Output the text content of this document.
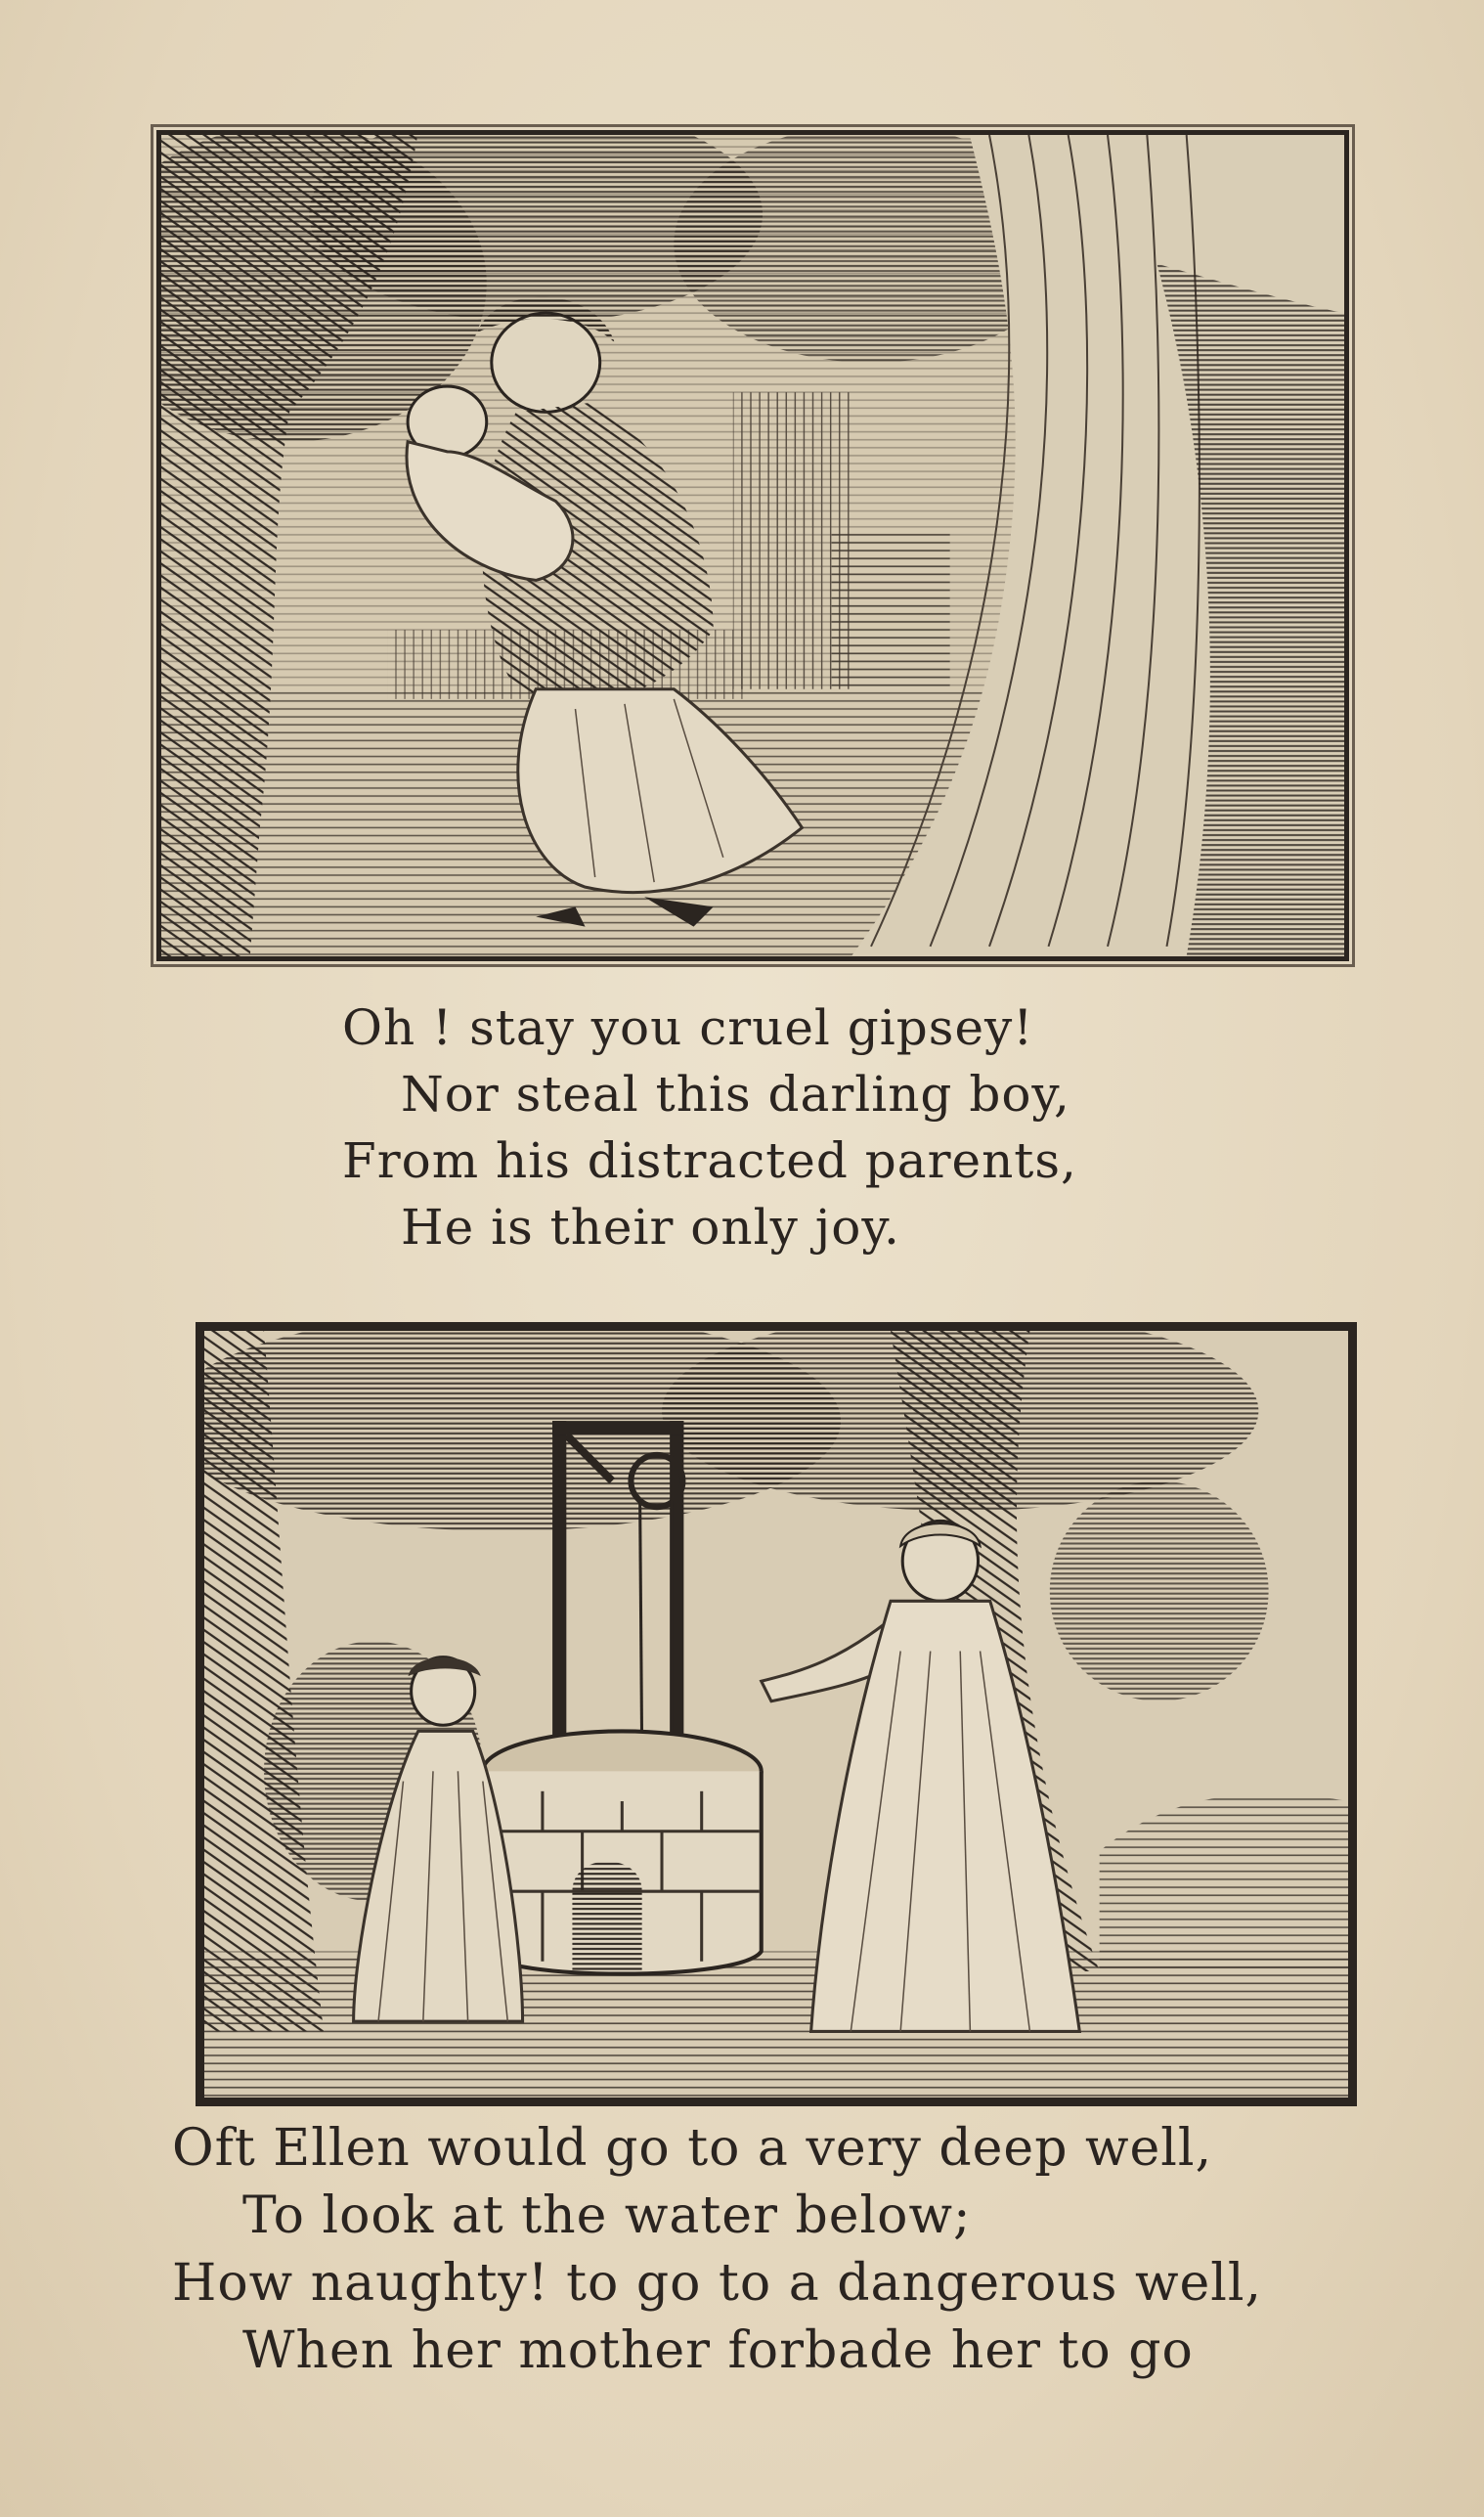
Oh ! stay you cruel gipsey!
Nor steal this darling boy,
From his distracted parents,
He is their only joy.

Oft Ellen would go to a very deep well,
To look at the water below;
How naughty! to go to a dangerous well,
When her mother forbade her to go
